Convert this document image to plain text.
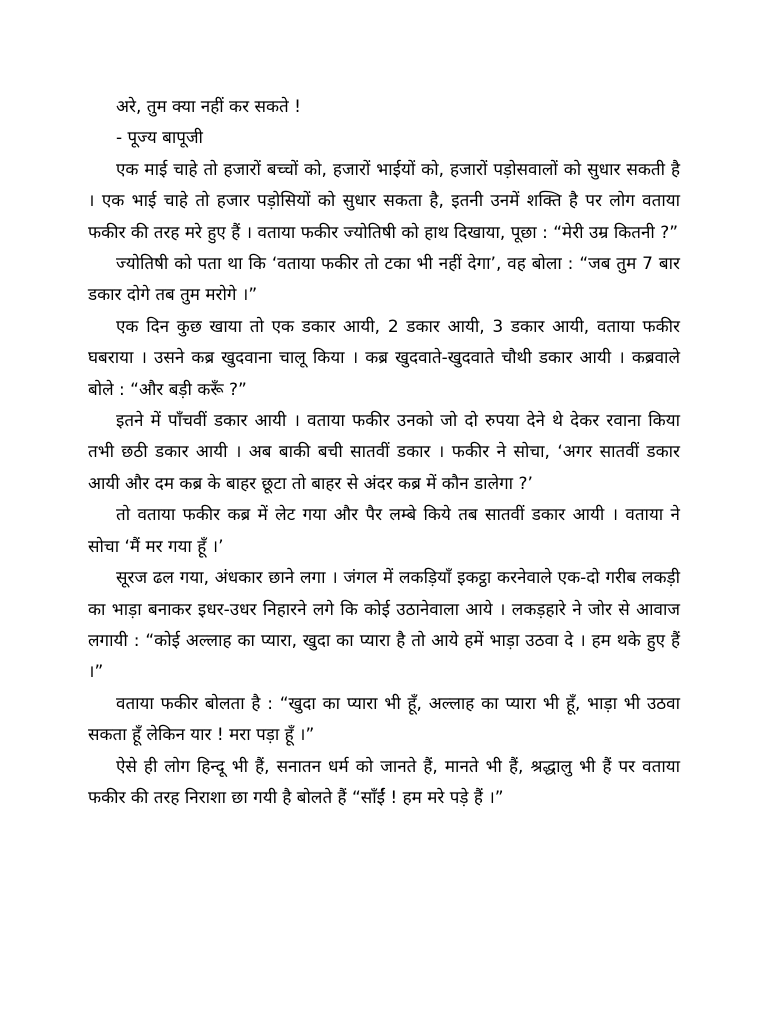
अरे, तुम क्या नहीं कर सकते !

- पूज्य बापूजी

एक माई चाहे तो हजारों बच्चों को, हजारों भाईयों को, हजारों पड़ोसवालों को सुधार सकती है । एक भाई चाहे तो हजार पड़ोसियों को सुधार सकता है, इतनी उनमें शक्ति है पर लोग वताया फकीर की तरह मरे हुए हैं । वताया फकीर ज्योतिषी को हाथ दिखाया, पूछा : “मेरी उम्र कितनी ?”

ज्योतिषी को पता था कि ‘वताया फकीर तो टका भी नहीं देगा’, वह बोला : “जब तुम 7 बार डकार दोगे तब तुम मरोगे ।”

एक दिन कुछ खाया तो एक डकार आयी, 2 डकार आयी, 3 डकार आयी, वताया फकीर घबराया । उसने कब्र खुदवाना चालू किया । कब्र खुदवाते-खुदवाते चौथी डकार आयी । कब्रवाले बोले : “और बड़ी करूँ ?”

इतने में पाँचवीं डकार आयी । वताया फकीर उनको जो दो रुपया देने थे देकर रवाना किया तभी छठी डकार आयी । अब बाकी बची सातवीं डकार । फकीर ने सोचा, ‘अगर सातवीं डकार आयी और दम कब्र के बाहर छूटा तो बाहर से अंदर कब्र में कौन डालेगा ?’

तो वताया फकीर कब्र में लेट गया और पैर लम्बे किये तब सातवीं डकार आयी । वताया ने सोचा ‘मैं मर गया हूँ ।’

सूरज ढल गया, अंधकार छाने लगा । जंगल में लकड़ियाँ इकट्ठा करनेवाले एक-दो गरीब लकड़ी का भाड़ा बनाकर इधर-उधर निहारने लगे कि कोई उठानेवाला आये । लकड़हारे ने जोर से आवाज लगायी : “कोई अल्लाह का प्यारा, खुदा का प्यारा है तो आये हमें भाड़ा उठवा दे । हम थके हुए हैं ।”

वताया फकीर बोलता है : “खुदा का प्यारा भी हूँ, अल्लाह का प्यारा भी हूँ, भाड़ा भी उठवा सकता हूँ लेकिन यार ! मरा पड़ा हूँ ।”

ऐसे ही लोग हिन्दू भी हैं, सनातन धर्म को जानते हैं, मानते भी हैं, श्रद्धालु भी हैं पर वताया फकीर की तरह निराशा छा गयी है बोलते हैं “साँईं ! हम मरे पड़े हैं ।”
